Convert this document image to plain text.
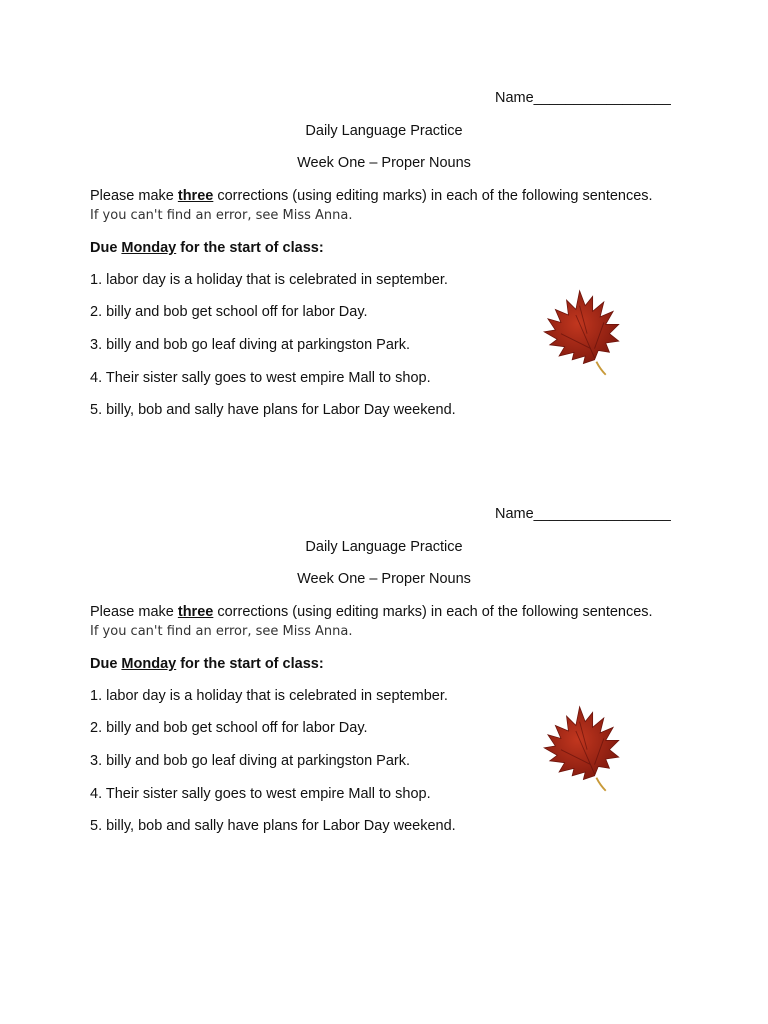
Name_________________
Daily Language Practice
Week One – Proper Nouns
Please make three corrections (using editing marks) in each of the following sentences.
If you can't find an error, see Miss Anna.
Due Monday for the start of class:
1. labor day is a holiday that is celebrated in september.
2. billy and bob get school off for labor Day.
3. billy and bob go leaf diving at parkingston Park.
4. Their sister sally goes to west empire Mall to shop.
5. billy, bob and sally have plans for Labor Day weekend.
Name_________________
Daily Language Practice
Week One – Proper Nouns
Please make three corrections (using editing marks) in each of the following sentences.
If you can't find an error, see Miss Anna.
Due Monday for the start of class:
1. labor day is a holiday that is celebrated in september.
2. billy and bob get school off for labor Day.
3. billy and bob go leaf diving at parkingston Park.
4. Their sister sally goes to west empire Mall to shop.
5. billy, bob and sally have plans for Labor Day weekend.
